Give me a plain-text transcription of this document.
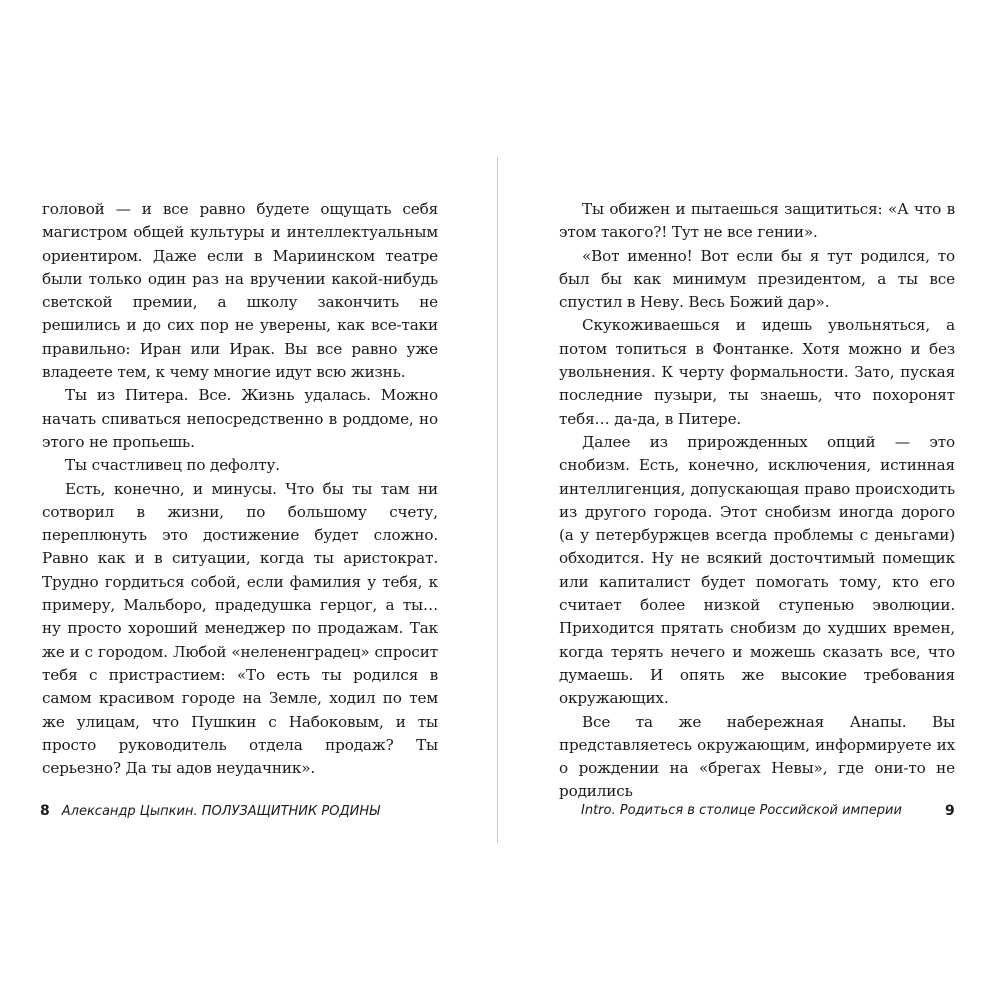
головой — и все равно будете ощущать себя магистром общей культуры и интеллектуальным ориентиром. Даже если в Мариинском театре были только один раз на вручении какой-нибудь светской премии, а школу закончить не решились и до сих пор не уверены, как все-таки правильно: Иран или Ирак. Вы все равно уже владеете тем, к чему многие идут всю жизнь.

Ты из Питера. Все. Жизнь удалась. Можно начать спиваться непосредственно в роддоме, но этого не пропьешь.

Ты счастливец по дефолту.

Есть, конечно, и минусы. Что бы ты там ни сотворил в жизни, по большому счету, переплюнуть это достижение будет сложно. Равно как и в ситуации, когда ты аристократ. Трудно гордиться собой, если фамилия у тебя, к примеру, Мальборо, прадедушка герцог, а ты… ну просто хороший менеджер по продажам. Так же и с городом. Любой «нелененградец» спросит тебя с пристрастием: «То есть ты родился в самом красивом городе на Земле, ходил по тем же улицам, что Пушкин с Набоковым, и ты просто руководитель отдела продаж? Ты серьезно? Да ты адов неудачник».

Ты обижен и пытаешься защититься: «А что в этом такого?! Тут не все гении».

«Вот именно! Вот если бы я тут родился, то был бы как минимум президентом, а ты все спустил в Неву. Весь Божий дар».

Скукоживаешься и идешь увольняться, а потом топиться в Фонтанке. Хотя можно и без увольнения. К черту формальности. Зато, пуская последние пузыри, ты знаешь, что похоронят тебя… да-да, в Питере.

Далее из прирожденных опций — это снобизм. Есть, конечно, исключения, истинная интеллигенция, допускающая право происходить из другого города. Этот снобизм иногда дорого (а у петербуржцев всегда проблемы с деньгами) обходится. Ну не всякий досточтимый помещик или капиталист будет помогать тому, кто его считает более низкой ступенью эволюции. Приходится прятать снобизм до худших времен, когда терять нечего и можешь сказать все, что думаешь. И опять же высокие требования окружающих.

Все та же набережная Анапы. Вы представляетесь окружающим, информируете их о рождении на «брегах Невы», где они-то не родились

8 Александр Цыпкин. ПОЛУЗАЩИТНИК РОДИНЫ	Intro. Родиться в столице Российской империи	9
